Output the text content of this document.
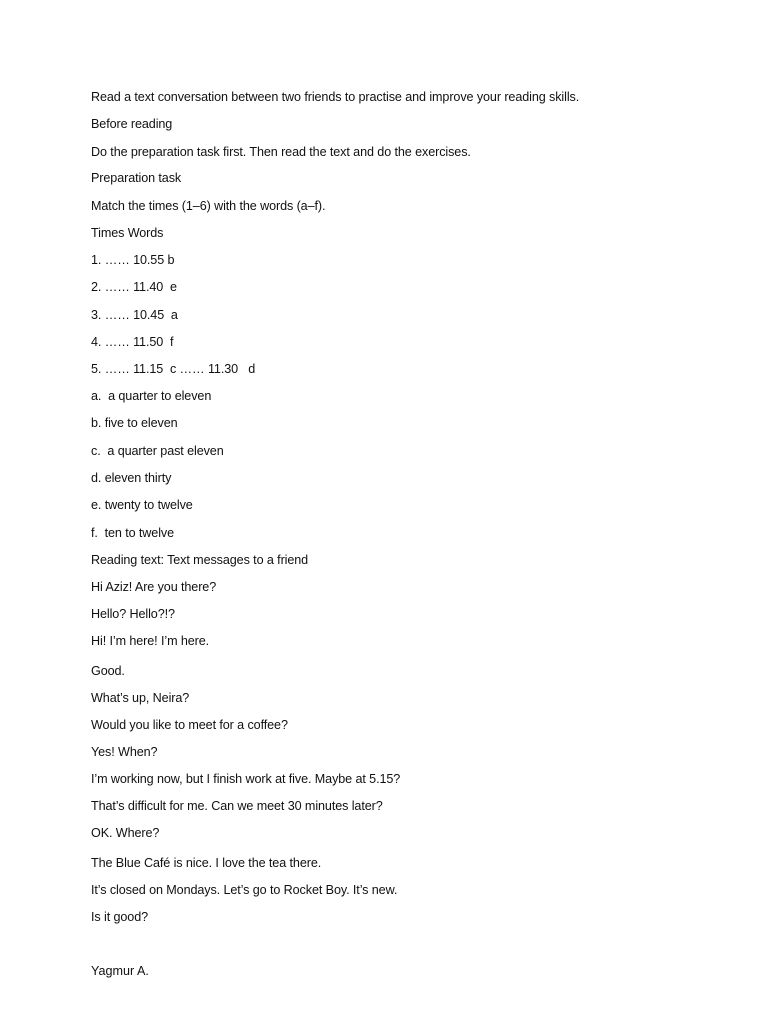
Read a text conversation between two friends to practise and improve your reading skills.
Before reading
Do the preparation task first. Then read the text and do the exercises.
Preparation task
Match the times (1–6) with the words (a–f).
Times Words
1. …… 10.55 b
2. …… 11.40  e
3. …… 10.45  a
4. …… 11.50  f
5. …… 11.15  c …… 11.30   d
a.  a quarter to eleven
b. five to eleven
c.  a quarter past eleven
d. eleven thirty
e. twenty to twelve
f.  ten to twelve
Reading text: Text messages to a friend
Hi Aziz! Are you there?
Hello? Hello?!?
Hi! I’m here! I’m here.
Good.
What’s up, Neira?
Would you like to meet for a coffee?
Yes! When?
I’m working now, but I finish work at five. Maybe at 5.15?
That’s difficult for me. Can we meet 30 minutes later?
OK. Where?
The Blue Café is nice. I love the tea there.
It’s closed on Mondays. Let’s go to Rocket Boy. It’s new.
Is it good?
Yagmur A.
